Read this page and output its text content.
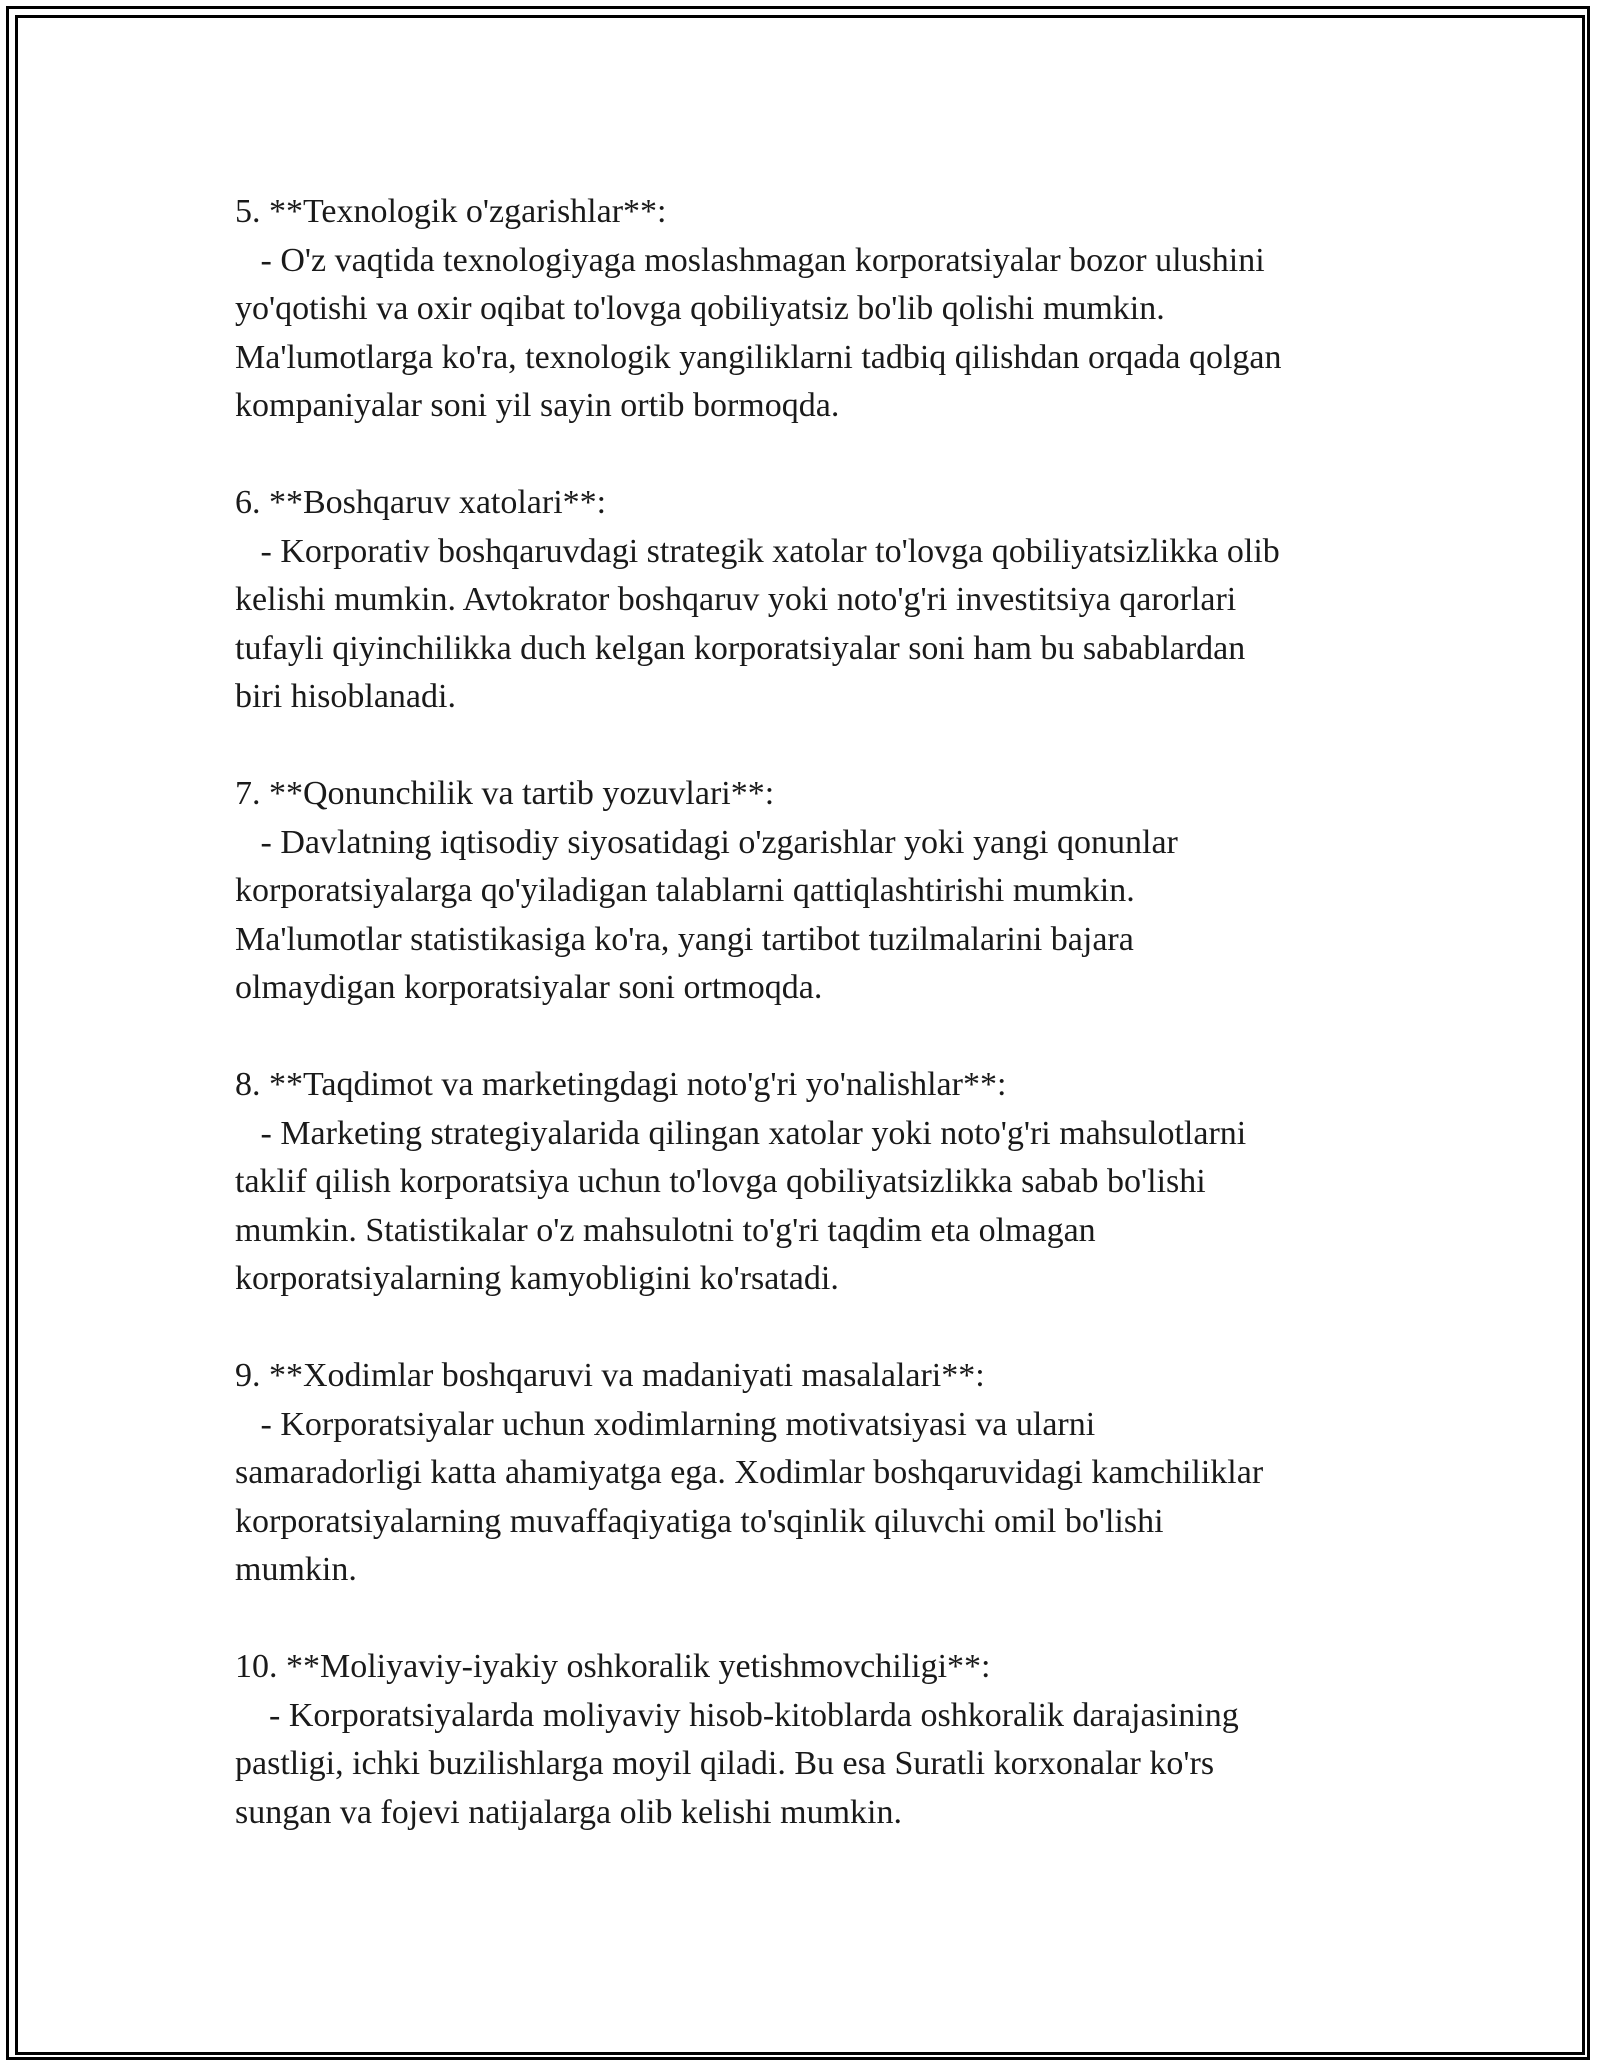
5. **Texnologik o'zgarishlar**:
- O'z vaqtida texnologiyaga moslashmagan korporatsiyalar bozor ulushini
yo'qotishi va oxir oqibat to'lovga qobiliyatsiz bo'lib qolishi mumkin.
Ma'lumotlarga ko'ra, texnologik yangiliklarni tadbiq qilishdan orqada qolgan
kompaniyalar soni yil sayin ortib bormoqda.
6. **Boshqaruv xatolari**:
- Korporativ boshqaruvdagi strategik xatolar to'lovga qobiliyatsizlikka olib
kelishi mumkin. Avtokrator boshqaruv yoki noto'g'ri investitsiya qarorlari
tufayli qiyinchilikka duch kelgan korporatsiyalar soni ham bu sabablardan
biri hisoblanadi.
7. **Qonunchilik va tartib yozuvlari**:
- Davlatning iqtisodiy siyosatidagi o'zgarishlar yoki yangi qonunlar
korporatsiyalarga qo'yiladigan talablarni qattiqlashtirishi mumkin.
Ma'lumotlar statistikasiga ko'ra, yangi tartibot tuzilmalarini bajara
olmaydigan korporatsiyalar soni ortmoqda.
8. **Taqdimot va marketingdagi noto'g'ri yo'nalishlar**:
- Marketing strategiyalarida qilingan xatolar yoki noto'g'ri mahsulotlarni
taklif qilish korporatsiya uchun to'lovga qobiliyatsizlikka sabab bo'lishi
mumkin. Statistikalar o'z mahsulotni to'g'ri taqdim eta olmagan
korporatsiyalarning kamyobligini ko'rsatadi.
9. **Xodimlar boshqaruvi va madaniyati masalalari**:
- Korporatsiyalar uchun xodimlarning motivatsiyasi va ularni
samaradorligi katta ahamiyatga ega. Xodimlar boshqaruvidagi kamchiliklar
korporatsiyalarning muvaffaqiyatiga to'sqinlik qiluvchi omil bo'lishi
mumkin.
10. **Moliyaviy-iyakiy oshkoralik yetishmovchiligi**:
- Korporatsiyalarda moliyaviy hisob-kitoblarda oshkoralik darajasining
pastligi, ichki buzilishlarga moyil qiladi. Bu esa Suratli korxonalar ko'rs
sungan va fojevi natijalarga olib kelishi mumkin.
